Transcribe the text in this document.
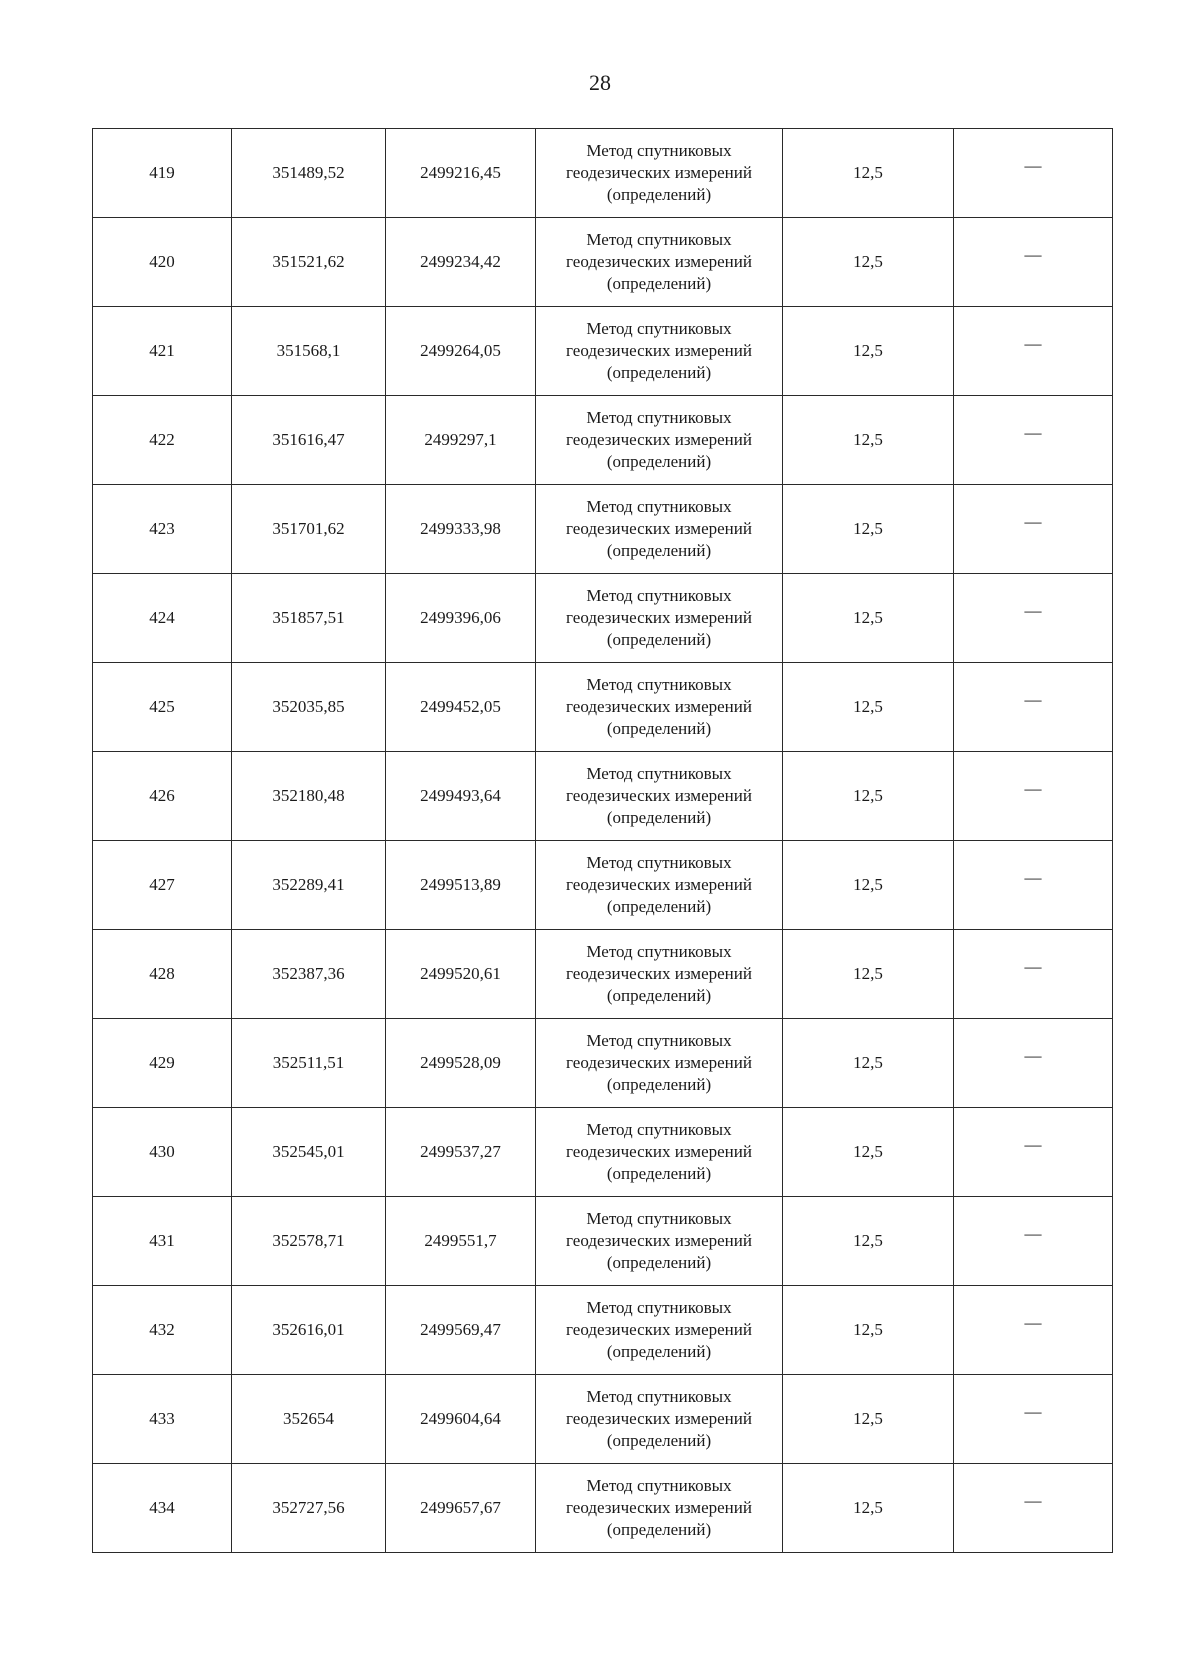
28
419	351489,52	2499216,45	Метод спутниковых
геодезических измерений
(определений)	12,5	—
420	351521,62	2499234,42	Метод спутниковых
геодезических измерений
(определений)	12,5	—
421	351568,1	2499264,05	Метод спутниковых
геодезических измерений
(определений)	12,5	—
422	351616,47	2499297,1	Метод спутниковых
геодезических измерений
(определений)	12,5	—
423	351701,62	2499333,98	Метод спутниковых
геодезических измерений
(определений)	12,5	—
424	351857,51	2499396,06	Метод спутниковых
геодезических измерений
(определений)	12,5	—
425	352035,85	2499452,05	Метод спутниковых
геодезических измерений
(определений)	12,5	—
426	352180,48	2499493,64	Метод спутниковых
геодезических измерений
(определений)	12,5	—
427	352289,41	2499513,89	Метод спутниковых
геодезических измерений
(определений)	12,5	—
428	352387,36	2499520,61	Метод спутниковых
геодезических измерений
(определений)	12,5	—
429	352511,51	2499528,09	Метод спутниковых
геодезических измерений
(определений)	12,5	—
430	352545,01	2499537,27	Метод спутниковых
геодезических измерений
(определений)	12,5	—
431	352578,71	2499551,7	Метод спутниковых
геодезических измерений
(определений)	12,5	—
432	352616,01	2499569,47	Метод спутниковых
геодезических измерений
(определений)	12,5	—
433	352654	2499604,64	Метод спутниковых
геодезических измерений
(определений)	12,5	—
434	352727,56	2499657,67	Метод спутниковых
геодезических измерений
(определений)	12,5	—
